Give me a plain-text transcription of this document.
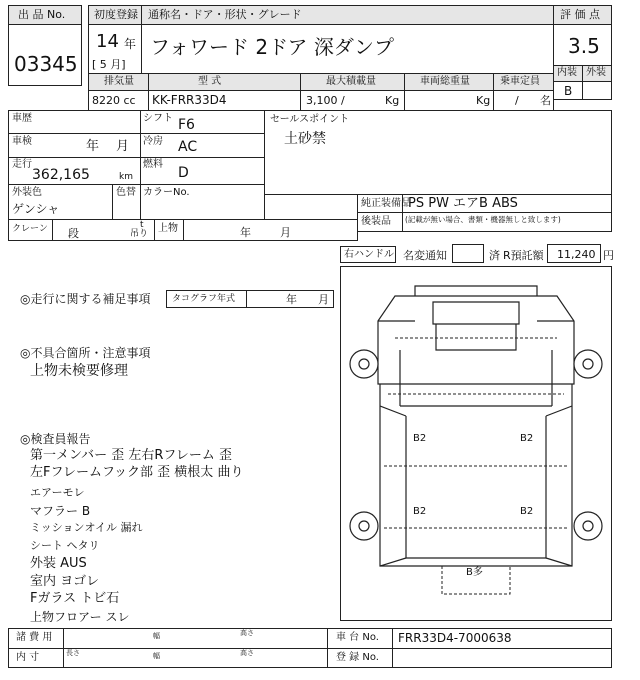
出 品 No.
03345
初度登録
14 年
[ 5 月]
通称名・ドア・形状・グレード
フォワード 2ドア 深ダンプ
評 価 点
3.5
内装 外装
B
排気量	型 式	最大積載量	車両総重量	乗車定員
8220 cc KK-FRR33D4	3,100 /	Kg	Kg / 名
車歴	シフト F6
車検	年 月 冷房 AC
走行
362,165	km
燃料
D
外装色
ゲンシャ
色替 カラーNo.
クレーン 段
t
吊り 上物	年	月
セールスポイント
土砂禁
純正装備品
PS PW エアB ABS
後装品 (記載が無い場合、書類・機器無しと致します)
右ハンドル 名変通知	済 R預託額 11,240 円
◎走行に関する補足事項 タコグラフ年式	年 月
◎不具合箇所・注意事項
上物未検要修理
◎検査員報告
第一メンバー 歪 左右Rフレーム 歪
左Fフレームフック部 歪 横根太 曲り
エアーモレ
マフラー B
ミッションオイル 漏れ
シート ヘタリ
外装 AUS
室内 ヨゴレ
Fガラス トビ石
上物フロアー スレ
B2	B2
B2	B2
B多
諸 費 用
内 寸	長さ
幅
幅
高さ
高さ
車 台 No. FRR33D4-7000638
登 録 No.
